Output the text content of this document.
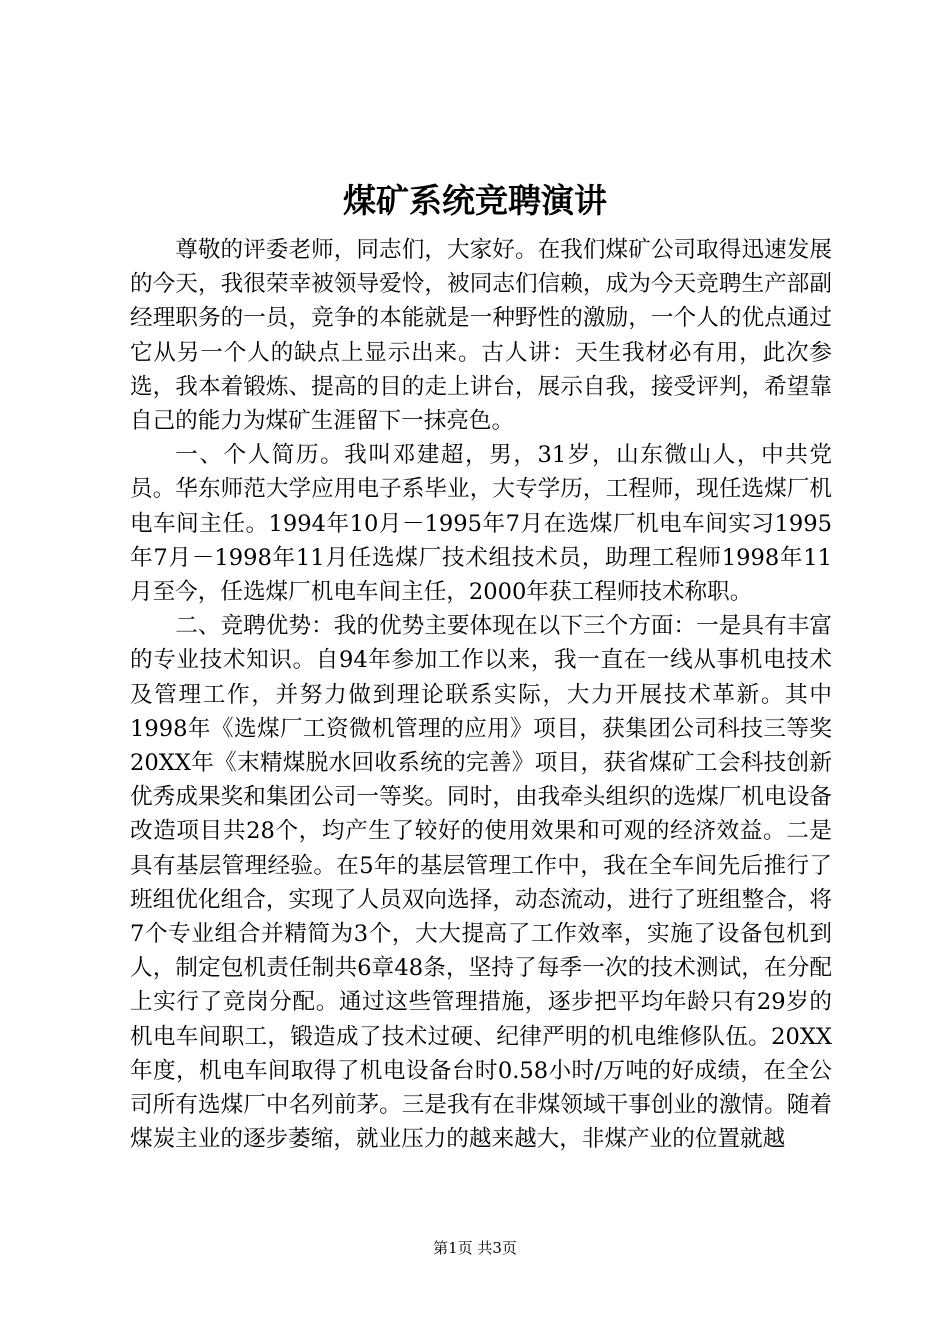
煤矿系统竞聘演讲

尊敬的评委老师，同志们，大家好。在我们煤矿公司取得迅速发展的今天，我很荣幸被领导爱怜，被同志们信赖，成为今天竞聘生产部副经理职务的一员，竞争的本能就是一种野性的激励，一个人的优点通过它从另一个人的缺点上显示出来。古人讲：天生我材必有用，此次参选，我本着锻炼、提高的目的走上讲台，展示自我，接受评判，希望靠自己的能力为煤矿生涯留下一抹亮色。

一、个人简历。我叫邓建超，男，31岁，山东微山人，中共党员。华东师范大学应用电子系毕业，大专学历，工程师，现任选煤厂机电车间主任。1994年10月－1995年7月在选煤厂机电车间实习1995年7月－1998年11月任选煤厂技术组技术员，助理工程师1998年11月至今，任选煤厂机电车间主任，2000年获工程师技术称职。

二、竞聘优势：我的优势主要体现在以下三个方面：一是具有丰富的专业技术知识。自94年参加工作以来，我一直在一线从事机电技术及管理工作，并努力做到理论联系实际，大力开展技术革新。其中1998年《选煤厂工资微机管理的应用》项目，获集团公司科技三等奖20XX年《末精煤脱水回收系统的完善》项目，获省煤矿工会科技创新优秀成果奖和集团公司一等奖。同时，由我牵头组织的选煤厂机电设备改造项目共28个，均产生了较好的使用效果和可观的经济效益。二是具有基层管理经验。在5年的基层管理工作中，我在全车间先后推行了班组优化组合，实现了人员双向选择，动态流动，进行了班组整合，将7个专业组合并精简为3个，大大提高了工作效率，实施了设备包机到人，制定包机责任制共6章48条，坚持了每季一次的技术测试，在分配上实行了竞岗分配。通过这些管理措施，逐步把平均年龄只有29岁的机电车间职工，锻造成了技术过硬、纪律严明的机电维修队伍。20XX年度，机电车间取得了机电设备台时0.58小时/万吨的好成绩，在全公司所有选煤厂中名列前茅。三是我有在非煤领域干事创业的激情。随着煤炭主业的逐步萎缩，就业压力的越来越大，非煤产业的位置就越

第1页 共3页
